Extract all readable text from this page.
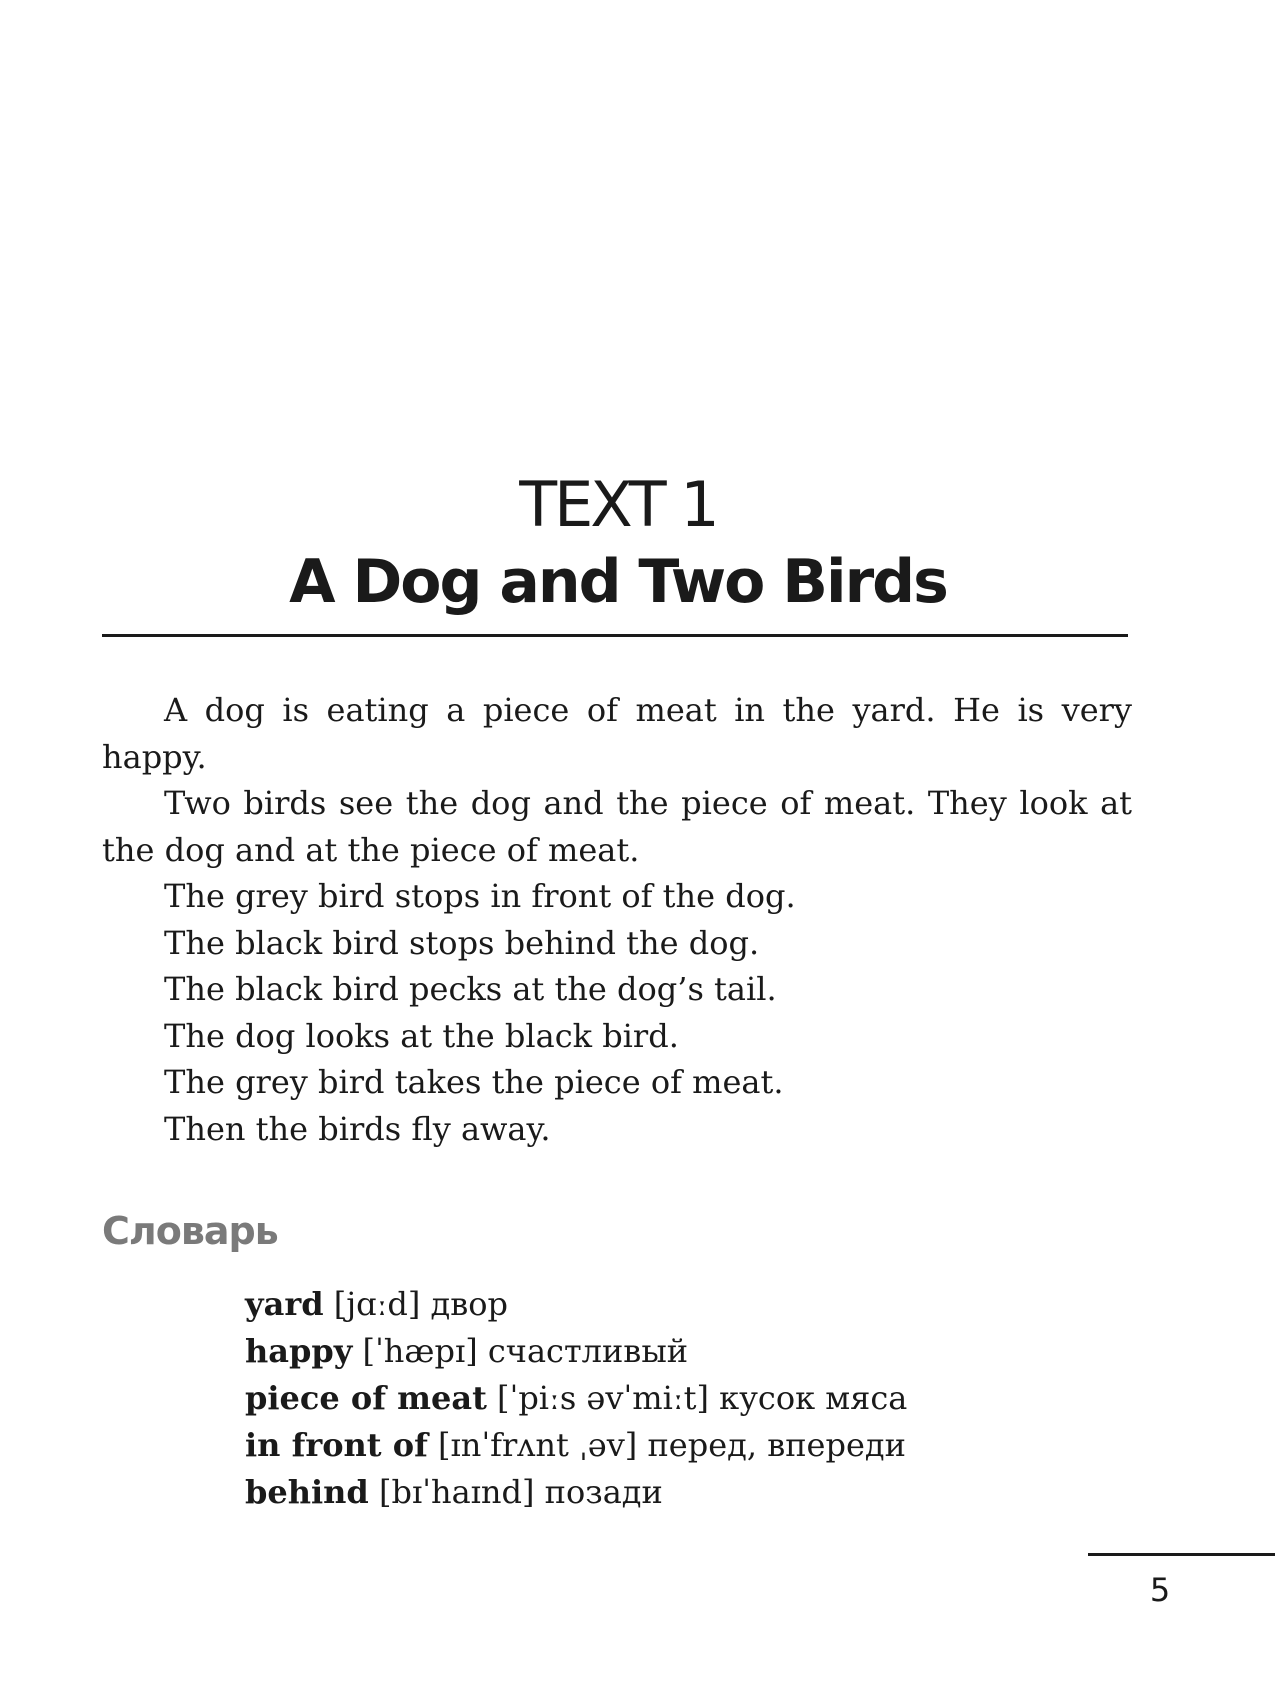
TEXT 1
A Dog and Two Birds

A dog is eating a piece of meat in the yard. He is very happy.

Two birds see the dog and the piece of meat. They look at the dog and at the piece of meat.

The grey bird stops in front of the dog.

The black bird stops behind the dog.

The black bird pecks at the dog’s tail.

The dog looks at the black bird.

The grey bird takes the piece of meat.

Then the birds fly away.

Словарь
yard [jɑːd] двор
happy [ˈhæpɪ] счастливый
piece of meat [ˈpiːs əvˈmiːt] кусок мяса
in front of [ɪnˈfrʌnt ˌəv] перед, впереди
behind [bɪˈhaɪnd] позади
5
